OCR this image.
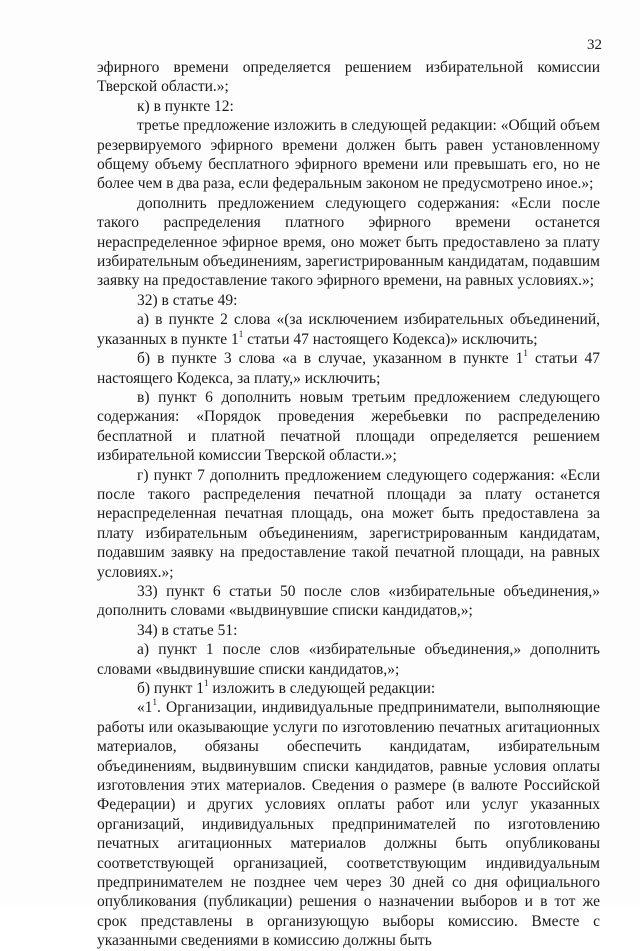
32

эфирного времени определяется решением избирательной комиссии Тверской области.»;

к) в пункте 12:

третье предложение изложить в следующей редакции: «Общий объем резервируемого эфирного времени должен быть равен установленному общему объему бесплатного эфирного времени или превышать его, но не более чем в два раза, если федеральным законом не предусмотрено иное.»;

дополнить предложением следующего содержания: «Если после такого распределения платного эфирного времени останется нераспределенное эфирное время, оно может быть предоставлено за плату избирательным объединениям, зарегистрированным кандидатам, подавшим заявку на предоставление такого эфирного времени, на равных условиях.»;

32) в статье 49:

а) в пункте 2 слова «(за исключением избирательных объединений, указанных в пункте $1^1$ статьи 47 настоящего Кодекса)» исключить;

б) в пункте 3 слова «а в случае, указанном в пункте $1^1$ статьи 47 настоящего Кодекса, за плату,» исключить;

в) пункт 6 дополнить новым третьим предложением следующего содержания: «Порядок проведения жеребьевки по распределению бесплатной и платной печатной площади определяется решением избирательной комиссии Тверской области.»;

г) пункт 7 дополнить предложением следующего содержания: «Если после такого распределения печатной площади за плату останется нераспределенная печатная площадь, она может быть предоставлена за плату избирательным объединениям, зарегистрированным кандидатам, подавшим заявку на предоставление такой печатной площади, на равных условиях.»;

33) пункт 6 статьи 50 после слов «избирательные объединения,» дополнить словами «выдвинувшие списки кандидатов,»;

34) в статье 51:

а) пункт 1 после слов «избирательные объединения,» дополнить словами «выдвинувшие списки кандидатов,»;

б) пункт $1^1$ изложить в следующей редакции:

«$1^1$. Организации, индивидуальные предприниматели, выполняющие работы или оказывающие услуги по изготовлению печатных агитационных материалов, обязаны обеспечить кандидатам, избирательным объединениям, выдвинувшим списки кандидатов, равные условия оплаты изготовления этих материалов. Сведения о размере (в валюте Российской Федерации) и других условиях оплаты работ или услуг указанных организаций, индивидуальных предпринимателей по изготовлению печатных агитационных материалов должны быть опубликованы соответствующей организацией, соответствующим индивидуальным предпринимателем не позднее чем через 30 дней со дня официального опубликования (публикации) решения о назначении выборов и в тот же срок представлены в организующую выборы комиссию. Вместе с указанными сведениями в комиссию должны быть
